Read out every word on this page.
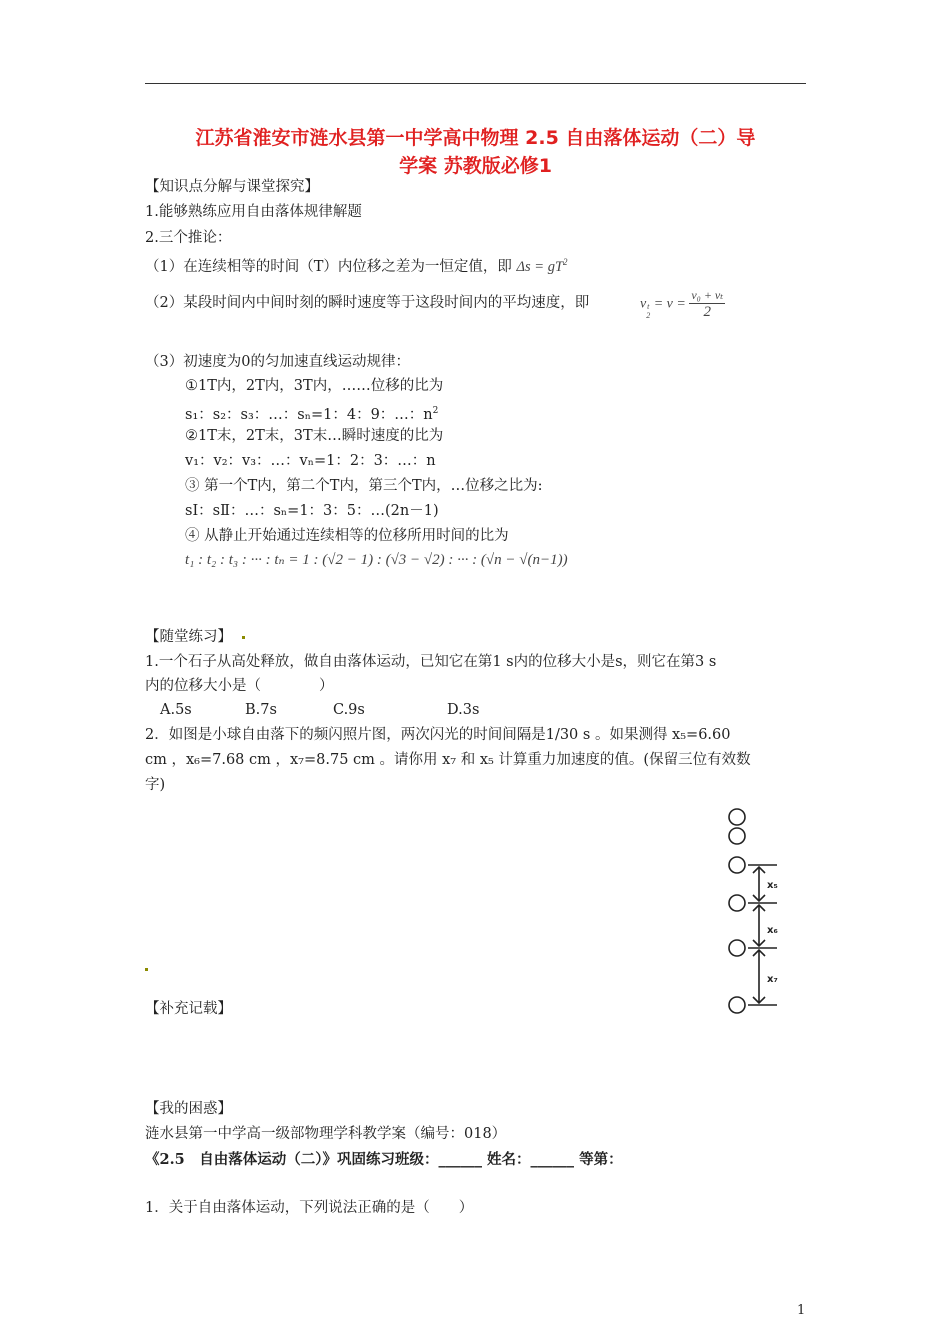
江苏省淮安市涟水县第一中学高中物理 2.5 自由落体运动（二）导
学案 苏教版必修1
【知识点分解与课堂探究】
1.能够熟练应用自由落体规律解题
2.三个推论：
（1）在连续相等的时间（T）内位移之差为一恒定值，即 $\Delta s = gT^2$
（2）某段时间内中间时刻的瞬时速度等于这段时间内的平均速度，即	v t
2
= $v = \frac{\text{v₀ + vₜ}}{2}$
（3）初速度为0的匀加速直线运动规律：
①1T内，2T内，3T内，……位移的比为
s₁：s₂：s₃：…：sₙ=1：4：9：…：$n^2$
②1T末，2T末，3T末…瞬时速度的比为
v₁：v₂：v₃：…：vₙ=1：2：3：…：n
③ 第一个T内，第二个T内，第三个T内，…位移之比为:
sⅠ：sⅡ：…：sₙ=1：3：5：…(2n－1)
④ 从静止开始通过连续相等的位移所用时间的比为
t₁ : t₂ : t₃ : ··· : tₙ = 1 : (√2 − 1) : (√3 − √2) : ··· : (√n − √(n−1))
【随堂练习】
1.一个石子从高处释放，做自由落体运动，已知它在第1 s内的位移大小是s，则它在第3 s
内的位移大小是（　　　　）
A.5s	B.7s	C.9s	D.3s
2．如图是小球自由落下的频闪照片图，两次闪光的时间间隔是1/30 s 。如果测得 x₅=6.60
cm ，x₆=7.68 cm ，x₇=8.75 cm 。请你用 x₇ 和 x₅ 计算重力加速度的值。(保留三位有效数
字)
x₅
x₆
x₇
【补充记载】
【我的困惑】
涟水县第一中学高一级部物理学科教学案（编号：018）
《2.5　自由落体运动（二）》巩固练习班级：______ 姓名：______ 等第：
1．关于自由落体运动，下列说法正确的是（　　）
1
